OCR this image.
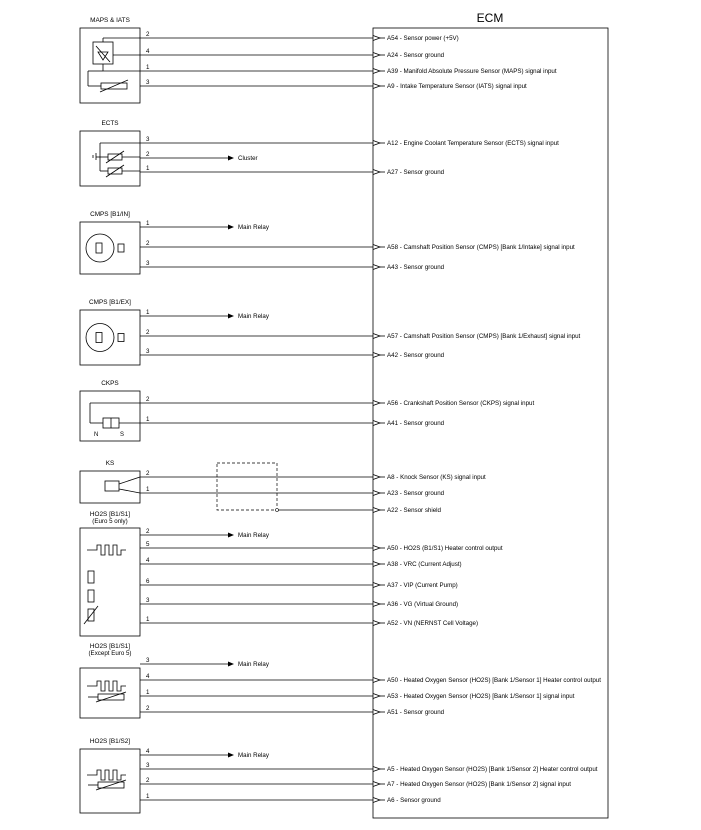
ECM
MAPS & IATS
2
A54 - Sensor power (+5V)
4
A24 - Sensor ground
1
A39 - Manifold Absolute Pressure Sensor (MAPS) signal input
3
A9 - Intake Temperature Sensor (IATS) signal input
ECTS
3
A12 - Engine Coolant Temperature Sensor (ECTS) signal input
Cluster
2
1
A27 - Sensor ground
CMPS [B1/IN]
Main Relay
1
2
A58 - Camshaft Position Sensor (CMPS) [Bank 1/Intake] signal input
3
A43 - Sensor ground
CMPS [B1/EX]
Main Relay
1
2
A57 - Camshaft Position Sensor (CMPS) [Bank 1/Exhaust] signal input
3
A42 - Sensor ground
CKPS
N	S
2
A56 - Crankshaft Position Sensor (CKPS) signal input
1
A41 - Sensor ground
KS
2
A8 - Knock Sensor (KS) signal input
1
A23 - Sensor ground
A22 - Sensor shield
HO2S [B1/S1]
(Euro 5 only)
Main Relay
2
5
A50 - HO2S (B1/S1) Heater control output
4
A38 - VRC (Current Adjust)
6
A37 - VIP (Current Pump)
3
A36 - VG (Virtual Ground)
1
A52 - VN (NERNST Cell Voltage)
HO2S [B1/S1]
(Except Euro 5)
Main Relay
3
4
A50 - Heated Oxygen Sensor (HO2S) [Bank 1/Sensor 1] Heater control output
1
A53 - Heated Oxygen Sensor (HO2S) [Bank 1/Sensor 1] signal input
2
A51 - Sensor ground
HO2S [B1/S2]
Main Relay
4
3
A5 - Heated Oxygen Sensor (HO2S) [Bank 1/Sensor 2] Heater control output
2
A7 - Heated Oxygen Sensor (HO2S) [Bank 1/Sensor 2] signal input
1
A6 - Sensor ground
